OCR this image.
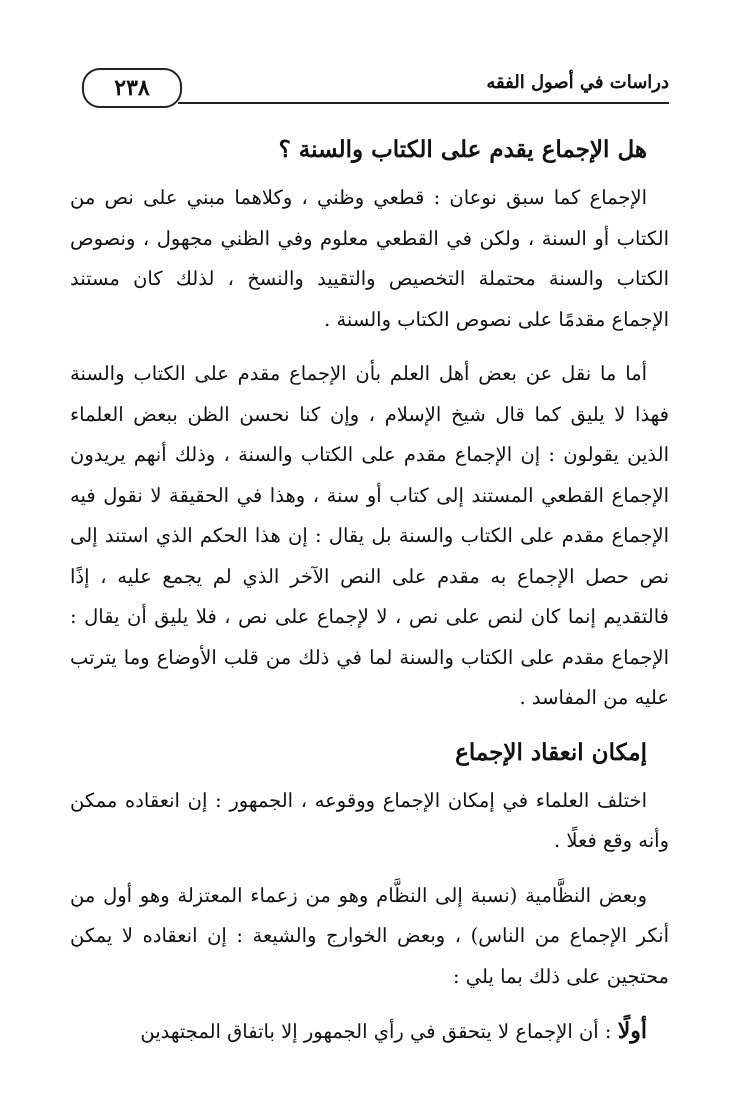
٢٣٨	دراسات في أصول الفقه
هل الإجماع يقدم على الكتاب والسنة ؟

الإجماع كما سبق نوعان : قطعي وظني ، وكلاهما مبني على نص من الكتاب أو السنة ، ولكن في القطعي معلوم وفي الظني مجهول ، ونصوص الكتاب والسنة محتملة التخصيص والتقييد والنسخ ، لذلك كان مستند الإجماع مقدمًا على نصوص الكتاب والسنة .

أما ما نقل عن بعض أهل العلم بأن الإجماع مقدم على الكتاب والسنة فهذا لا يليق كما قال شيخ الإسلام ، وإن كنا نحسن الظن ببعض العلماء الذين يقولون : إن الإجماع مقدم على الكتاب والسنة ، وذلك أنهم يريدون الإجماع القطعي المستند إلى كتاب أو سنة ، وهذا في الحقيقة لا نقول فيه الإجماع مقدم على الكتاب والسنة بل يقال : إن هذا الحكم الذي استند إلى نص حصل الإجماع به مقدم على النص الآخر الذي لم يجمع عليه ، إذًا فالتقديم إنما كان لنص على نص ، لا لإجماع على نص ، فلا يليق أن يقال : الإجماع مقدم على الكتاب والسنة لما في ذلك من قلب الأوضاع وما يترتب عليه من المفاسد .

إمكان انعقاد الإجماع

اختلف العلماء في إمكان الإجماع ووقوعه ، الجمهور : إن انعقاده ممكن وأنه وقع فعلًا .

وبعض النظَّامية (نسبة إلى النظَّام وهو من زعماء المعتزلة وهو أول من أنكر الإجماع من الناس) ، وبعض الخوارج والشيعة : إن انعقاده لا يمكن محتجين على ذلك بما يلي :

أولًا : أن الإجماع لا يتحقق في رأي الجمهور إلا باتفاق المجتهدين
